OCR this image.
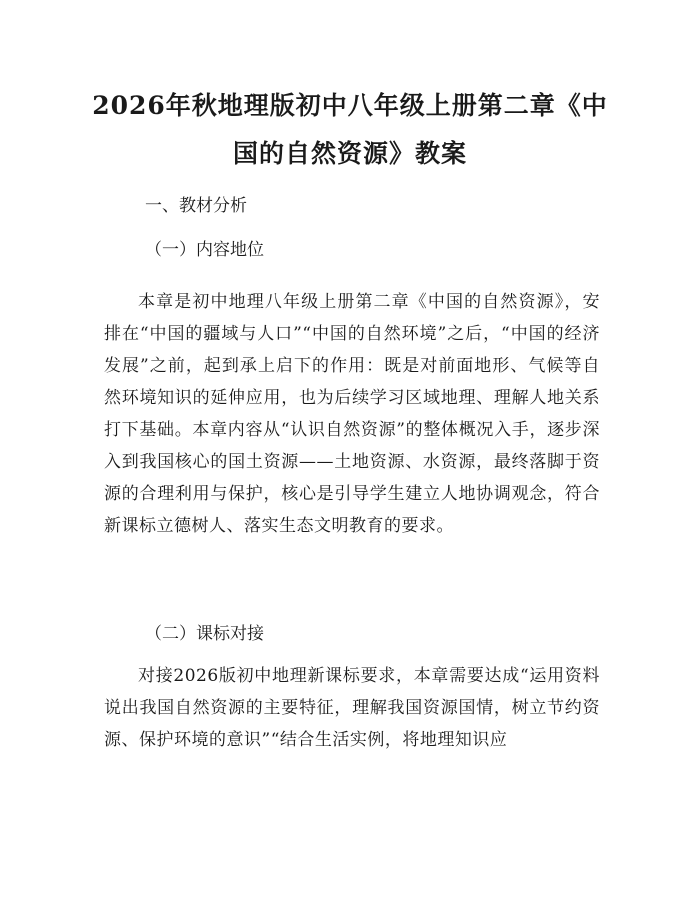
2026年秋地理版初中八年级上册第二章《中国的自然资源》教案

一、教材分析

（一）内容地位

本章是初中地理八年级上册第二章《中国的自然资源》，安排在“中国的疆域与人口”“中国的自然环境”之后，“中国的经济发展”之前，起到承上启下的作用：既是对前面地形、气候等自然环境知识的延伸应用，也为后续学习区域地理、理解人地关系打下基础。本章内容从“认识自然资源”的整体概况入手，逐步深入到我国核心的国土资源——土地资源、水资源，最终落脚于资源的合理利用与保护，核心是引导学生建立人地协调观念，符合新课标立德树人、落实生态文明教育的要求。

（二）课标对接

对接2026版初中地理新课标要求，本章需要达成“运用资料说出我国自然资源的主要特征，理解我国资源国情，树立节约资源、保护环境的意识”“结合生活实例，将地理知识应
